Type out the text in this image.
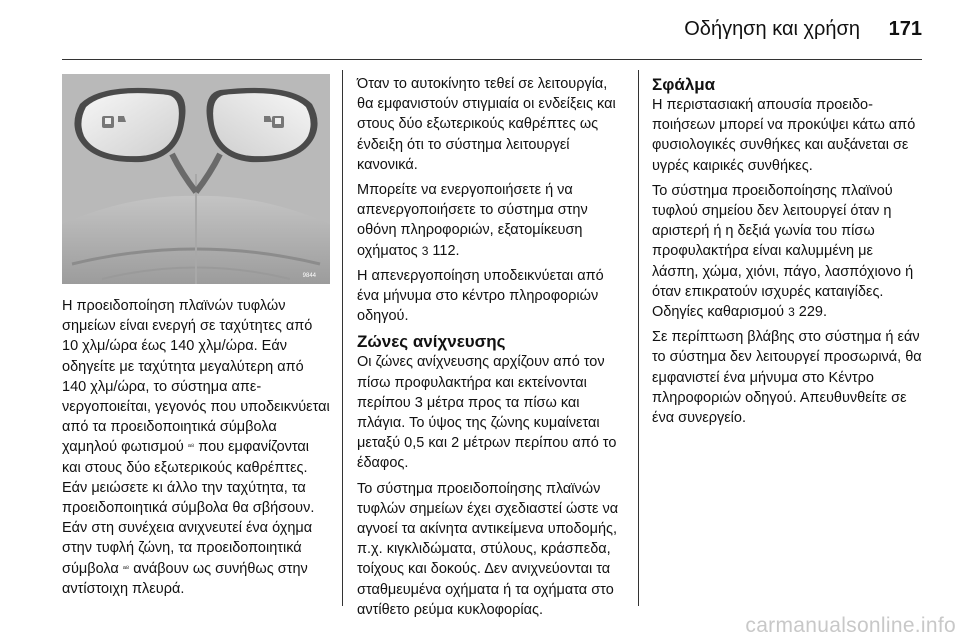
Οδήγηση και χρήση 171
9844

Η προειδοποίηση πλαϊνών τυφλών σημείων είναι ενεργή σε ταχύτητες από 10 χλμ/ώρα έως 140 χλμ/ώρα. Εάν οδηγείτε με ταχύτητα μεγαλύτερη από 140 χλμ/ώρα, το σύστημα απενεργοποιείται, γεγονός που υποδεικνύεται από τα προειδοποιητικά σύμβολα χαμηλού φωτισμού ᵃ⁸ που εμφανίζονται και στους δύο εξωτερικούς καθρέπτες. Εάν μειώσετε κι άλλο την ταχύτητα, τα προειδοποιητικά σύμβολα θα σβήσουν. Εάν στη συνέχεια ανιχνευτεί ένα όχημα στην τυφλή ζώνη, τα προειδοποιητικά σύμβολα ᵃ⁸ ανάβουν ως συνήθως στην αντίστοιχη πλευρά.

Όταν το αυτοκίνητο τεθεί σε λειτουργία, θα εμφανιστούν στιγμιαία οι ενδείξεις και στους δύο εξωτερικούς καθρέπτες ως ένδειξη ότι το σύστημα λειτουργεί κανονικά.

Μπορείτε να ενεργοποιήσετε ή να απενεργοποιήσετε το σύστημα στην οθόνη πληροφοριών, εξατομίκευση οχήματος 3 112.

Η απενεργοποίηση υποδεικνύεται από ένα μήνυμα στο κέντρο πληροφοριών οδηγού.

Ζώνες ανίχνευσης

Οι ζώνες ανίχνευσης αρχίζουν από τον πίσω προφυλακτήρα και εκτείνονται περίπου 3 μέτρα προς τα πίσω και πλάγια. Το ύψος της ζώνης κυμαίνεται μεταξύ 0,5 και 2 μέτρων περίπου από το έδαφος.

Το σύστημα προειδοποίησης πλαϊνών τυφλών σημείων έχει σχεδιαστεί ώστε να αγνοεί τα ακίνητα αντικείμενα υποδομής, π.χ. κιγκλιδώματα, στύλους, κράσπεδα, τοίχους και δοκούς. Δεν ανιχνεύονται τα σταθμευμένα οχήματα ή τα οχήματα στο αντίθετο ρεύμα κυκλοφορίας.

Σφάλμα

Η περιστασιακή απουσία προειδοποιήσεων μπορεί να προκύψει κάτω από φυσιολογικές συνθήκες και αυξάνεται σε υγρές καιρικές συνθήκες.

Το σύστημα προειδοποίησης πλαϊνού τυφλού σημείου δεν λειτουργεί όταν η αριστερή ή η δεξιά γωνία του πίσω προφυλακτήρα είναι καλυμμένη με λάσπη, χώμα, χιόνι, πάγο, λασπόχιονο ή όταν επικρατούν ισχυρές καταιγίδες. Οδηγίες καθαρισμού 3 229.

Σε περίπτωση βλάβης στο σύστημα ή εάν το σύστημα δεν λειτουργεί προσωρινά, θα εμφανιστεί ένα μήνυμα στο Κέντρο πληροφοριών οδηγού. Απευθυνθείτε σε ένα συνεργείο.

carmanualsonline.info
